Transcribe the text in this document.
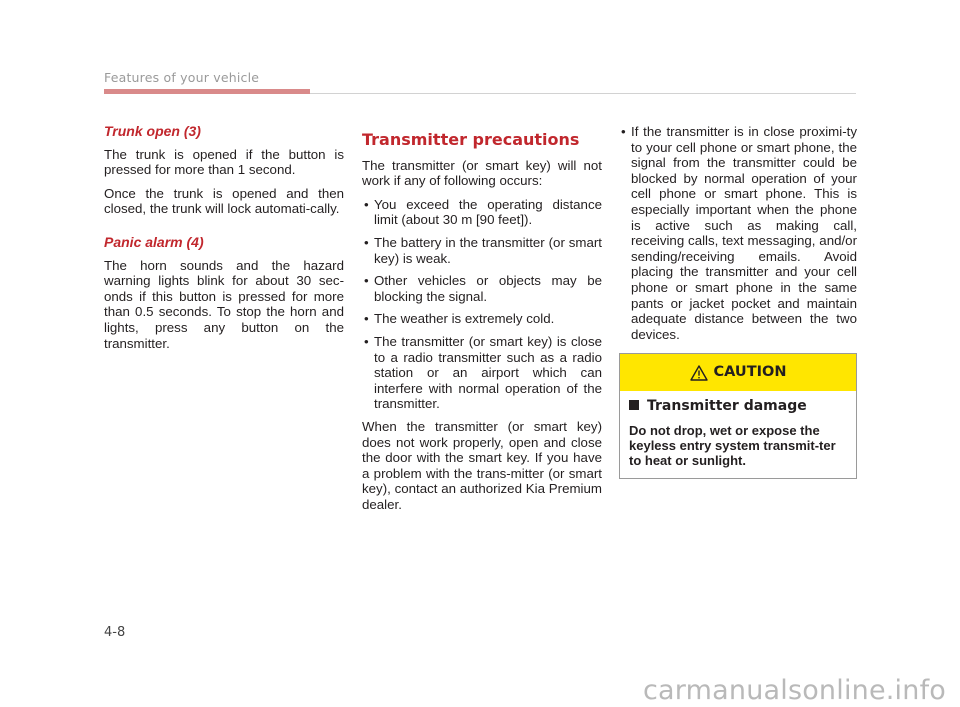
Features of your vehicle
Trunk open (3)

The trunk is opened if the button is pressed for more than 1 second.

Once the trunk is opened and then closed, the trunk will lock automati-cally.

Panic alarm (4)

The horn sounds and the hazard warning lights blink for about 30 sec-onds if this button is pressed for more than 0.5 seconds. To stop the horn and lights, press any button on the transmitter.

Transmitter precautions

The transmitter (or smart key) will not work if any of following occurs:

• You exceed the operating distance limit (about 30 m [90 feet]).
• The battery in the transmitter (or smart key) is weak.
• Other vehicles or objects may be blocking the signal.
• The weather is extremely cold.
• The transmitter (or smart key) is close to a radio transmitter such as a radio station or an airport which can interfere with normal operation of the transmitter.

When the transmitter (or smart key) does not work properly, open and close the door with the smart key. If you have a problem with the trans-mitter (or smart key), contact an authorized Kia Premium dealer.

• If the transmitter is in close proximi-ty to your cell phone or smart phone, the signal from the transmitter could be blocked by normal operation of your cell phone or smart phone. This is especially important when the phone is active such as making call, receiving calls, text messaging, and/or sending/receiving emails. Avoid placing the transmitter and your cell phone or smart phone in the same pants or jacket pocket and maintain adequate distance between the two devices.
CAUTION
Transmitter damage
Do not drop, wet or expose the keyless entry system transmit-ter to heat or sunlight.
4-8
carmanualsonline.info
